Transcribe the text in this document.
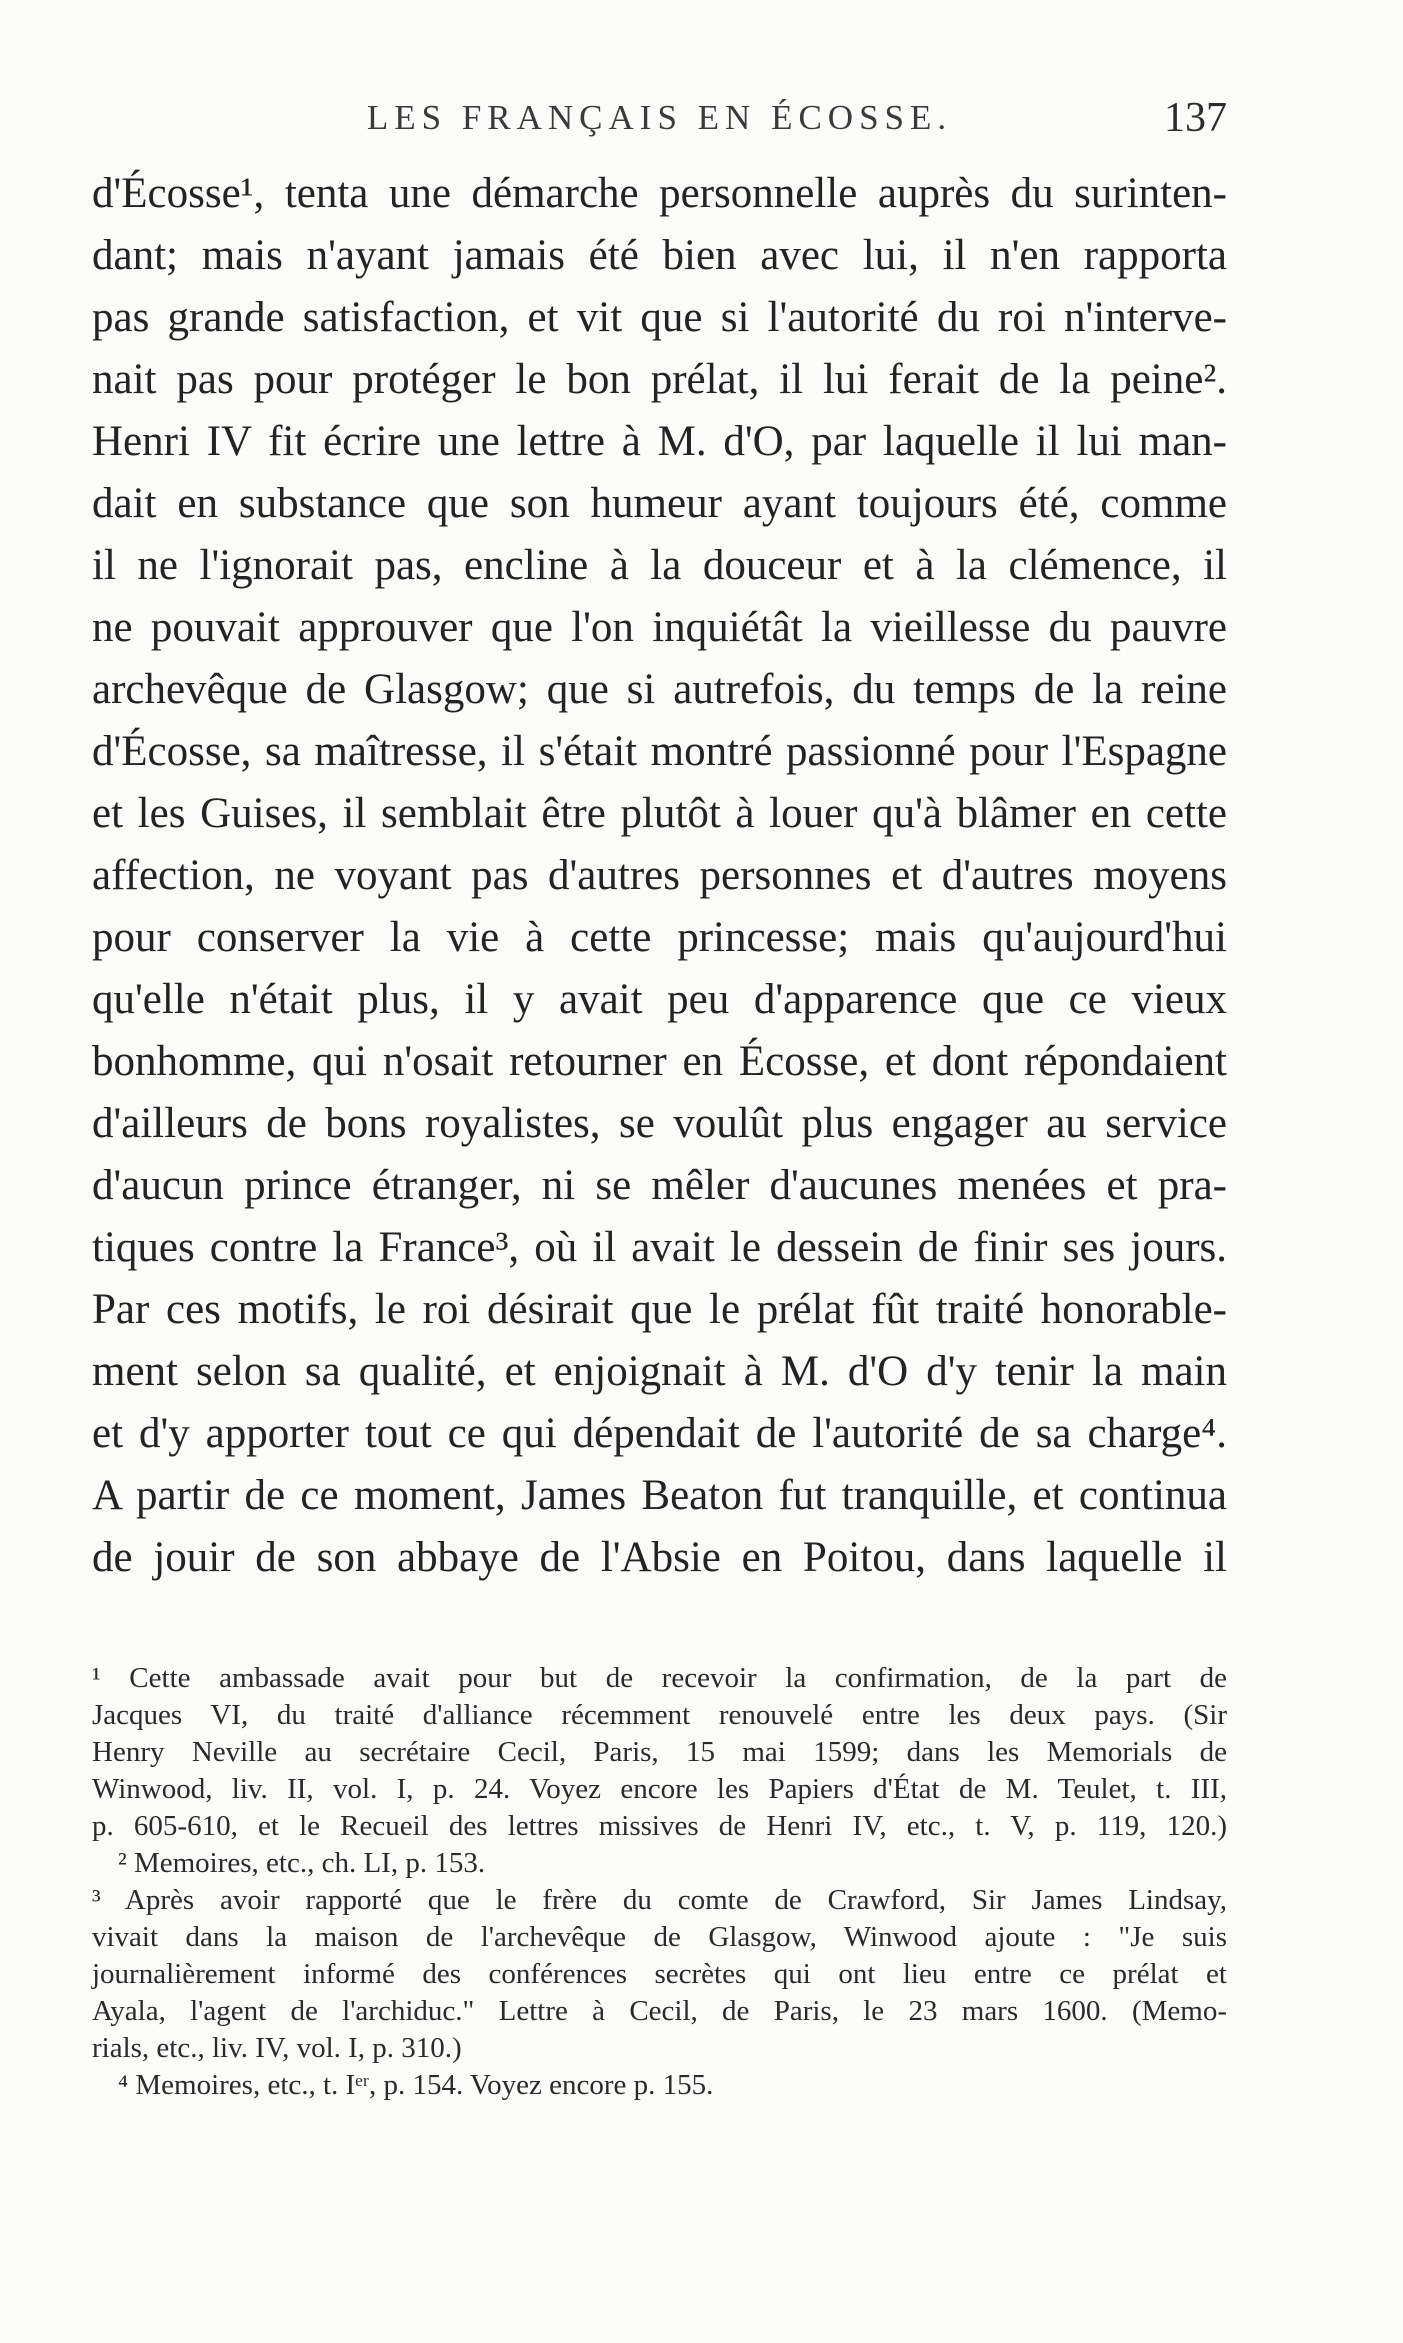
LES FRANÇAIS EN ÉCOSSE.	137
d'Écosse¹, tenta une démarche personnelle auprès du surinten-
dant; mais n'ayant jamais été bien avec lui, il n'en rapporta
pas grande satisfaction, et vit que si l'autorité du roi n'interve-
nait pas pour protéger le bon prélat, il lui ferait de la peine².
Henri IV fit écrire une lettre à M. d'O, par laquelle il lui man-
dait en substance que son humeur ayant toujours été, comme
il ne l'ignorait pas, encline à la douceur et à la clémence, il
ne pouvait approuver que l'on inquiétât la vieillesse du pauvre
archevêque de Glasgow; que si autrefois, du temps de la reine
d'Écosse, sa maîtresse, il s'était montré passionné pour l'Espagne
et les Guises, il semblait être plutôt à louer qu'à blâmer en cette
affection, ne voyant pas d'autres personnes et d'autres moyens
pour conserver la vie à cette princesse; mais qu'aujourd'hui
qu'elle n'était plus, il y avait peu d'apparence que ce vieux
bonhomme, qui n'osait retourner en Écosse, et dont répondaient
d'ailleurs de bons royalistes, se voulût plus engager au service
d'aucun prince étranger, ni se mêler d'aucunes menées et pra-
tiques contre la France³, où il avait le dessein de finir ses jours.
Par ces motifs, le roi désirait que le prélat fût traité honorable-
ment selon sa qualité, et enjoignait à M. d'O d'y tenir la main
et d'y apporter tout ce qui dépendait de l'autorité de sa charge⁴.
A partir de ce moment, James Beaton fut tranquille, et continua
de jouir de son abbaye de l'Absie en Poitou, dans laquelle il
¹ Cette ambassade avait pour but de recevoir la confirmation, de la part de
Jacques VI, du traité d'alliance récemment renouvelé entre les deux pays. (Sir
Henry Neville au secrétaire Cecil, Paris, 15 mai 1599; dans les Memorials de
Winwood, liv. II, vol. I, p. 24. Voyez encore les Papiers d'État de M. Teulet, t. III,
p. 605-610, et le Recueil des lettres missives de Henri IV, etc., t. V, p. 119, 120.)
² Memoires, etc., ch. LI, p. 153.
³ Après avoir rapporté que le frère du comte de Crawford, Sir James Lindsay,
vivait dans la maison de l'archevêque de Glasgow, Winwood ajoute : "Je suis
journalièrement informé des conférences secrètes qui ont lieu entre ce prélat et
Ayala, l'agent de l'archiduc." Lettre à Cecil, de Paris, le 23 mars 1600. (Memo-
rials, etc., liv. IV, vol. I, p. 310.)
⁴ Memoires, etc., t. Iᵉʳ, p. 154. Voyez encore p. 155.
